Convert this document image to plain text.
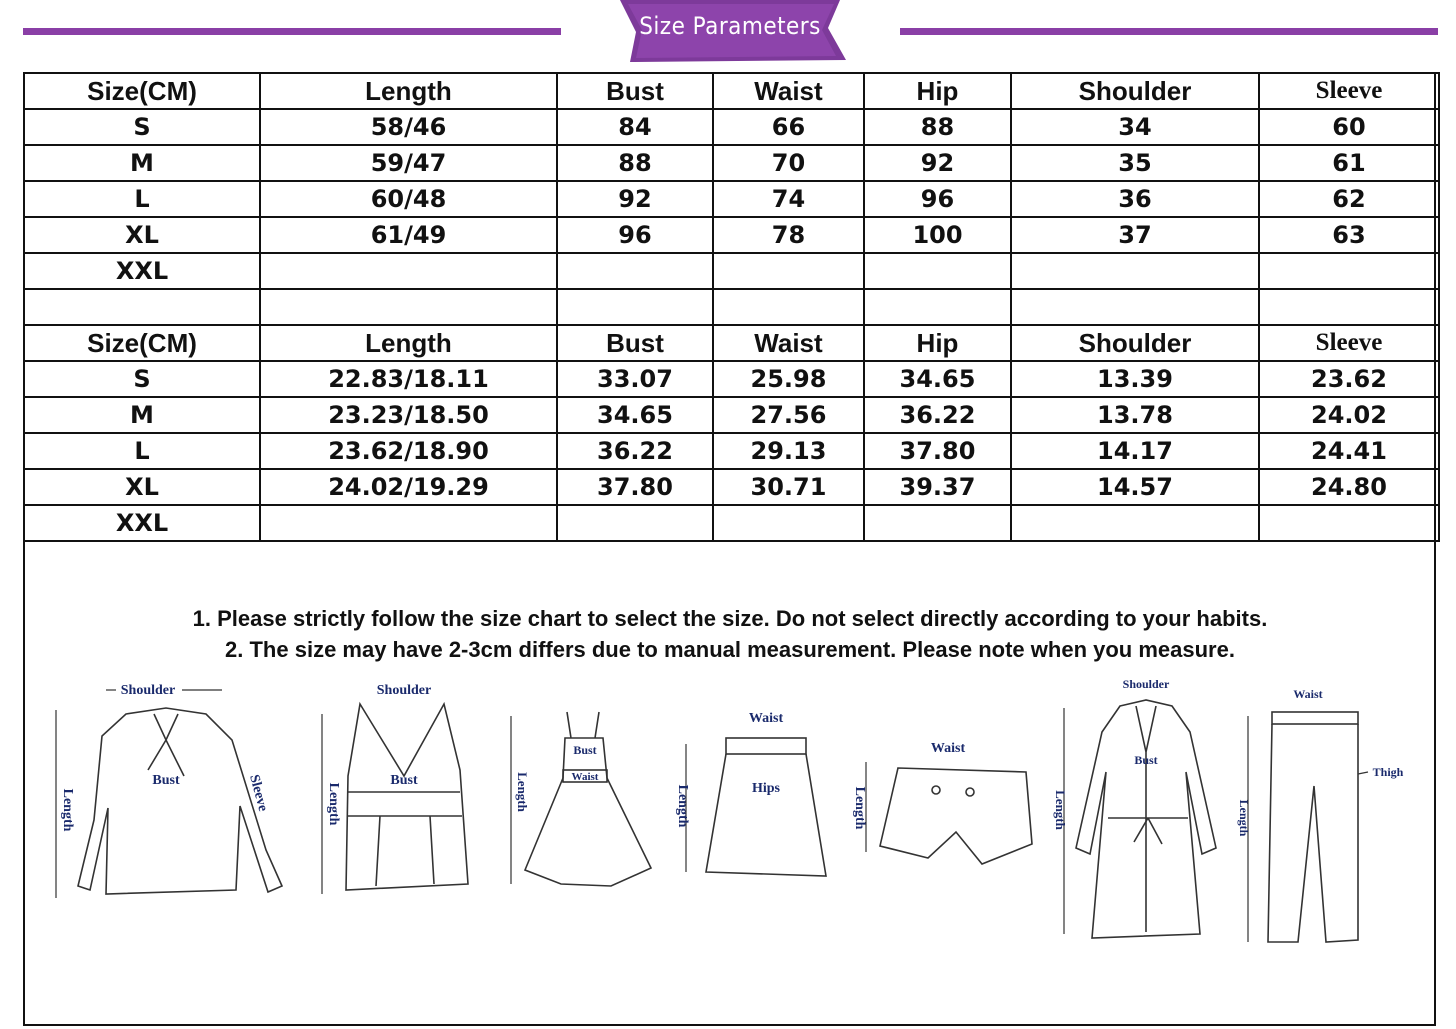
Size Parameters
Size(CM)	Length	Bust	Waist	Hip	Shoulder	Sleeve
S	58/46	84	66	88	34	60
M	59/47	88	70	92	35	61
L	60/48	92	74	96	36	62
XL	61/49	96	78	100	37	63
XXL						

Size(CM)	Length	Bust	Waist	Hip	Shoulder	Sleeve
S	22.83/18.11	33.07	25.98	34.65	13.39	23.62
M	23.23/18.50	34.65	27.56	36.22	13.78	24.02
L	23.62/18.90	36.22	29.13	37.80	14.17	24.41
XL	24.02/19.29	37.80	30.71	39.37	14.57	24.80
XXL						
1. Please strictly follow the size chart to select the size. Do not select directly according to your habits.
2. The size may have 2-3cm differs due to manual measurement. Please note when you measure.
Shoulder
Length
Bust	Sleeve
Shoulder
Length
Bust	Length
Bust
Waist
Waist
Length	Hips
Waist
Length
Shoulder
Length
Bust
Waist
Length
Thigh
